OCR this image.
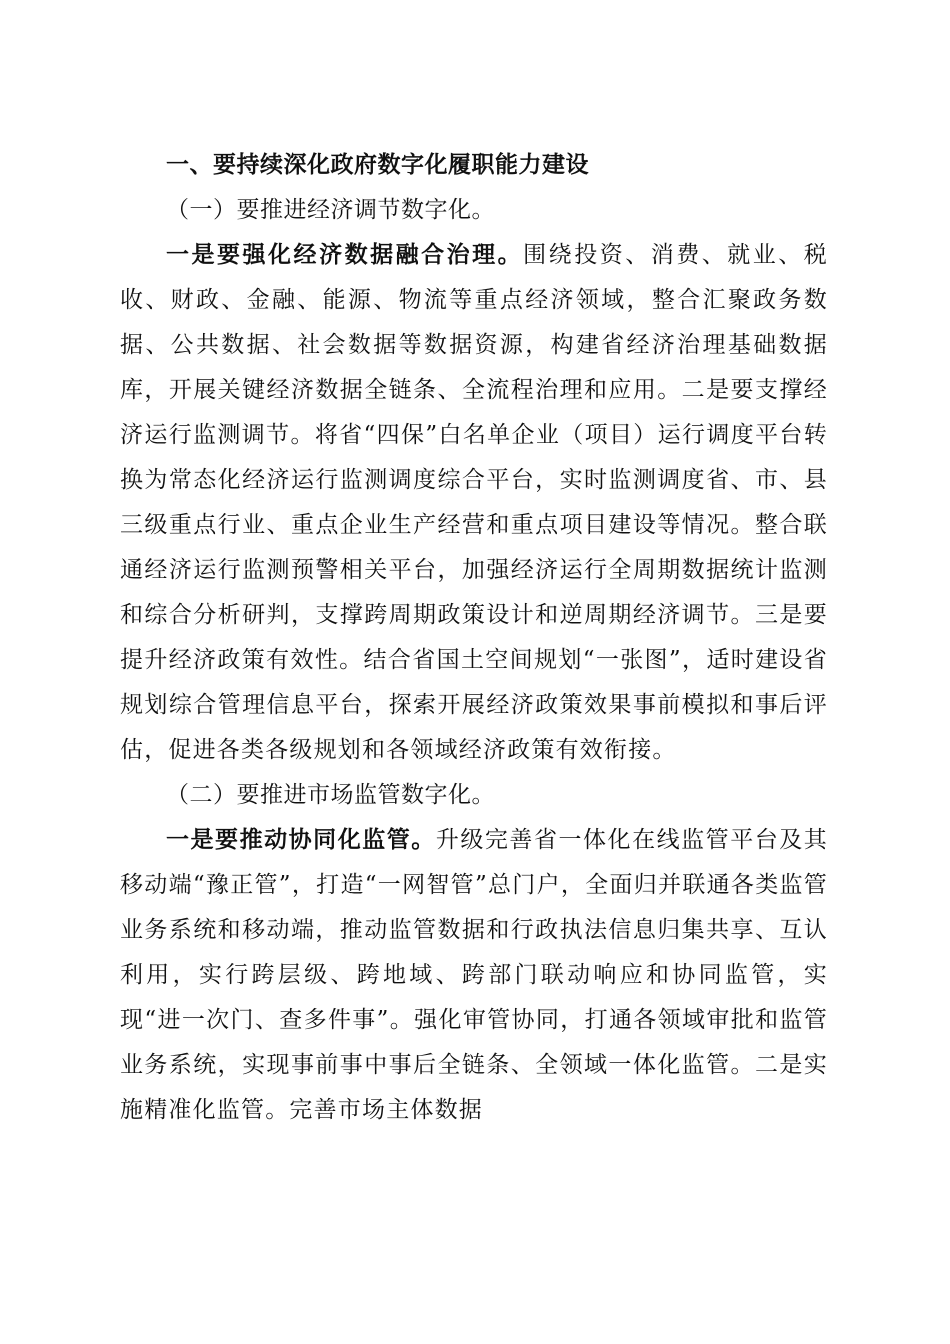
一、要持续深化政府数字化履职能力建设

（一）要推进经济调节数字化。

一是要强化经济数据融合治理。围绕投资、消费、就业、税收、财政、金融、能源、物流等重点经济领域，整合汇聚政务数据、公共数据、社会数据等数据资源，构建省经济治理基础数据库，开展关键经济数据全链条、全流程治理和应用。二是要支撑经济运行监测调节。将省“四保”白名单企业（项目）运行调度平台转换为常态化经济运行监测调度综合平台，实时监测调度省、市、县三级重点行业、重点企业生产经营和重点项目建设等情况。整合联通经济运行监测预警相关平台，加强经济运行全周期数据统计监测和综合分析研判，支撑跨周期政策设计和逆周期经济调节。三是要提升经济政策有效性。结合省国土空间规划“一张图”，适时建设省规划综合管理信息平台，探索开展经济政策效果事前模拟和事后评估，促进各类各级规划和各领域经济政策有效衔接。

（二）要推进市场监管数字化。

一是要推动协同化监管。升级完善省一体化在线监管平台及其移动端“豫正管”，打造“一网智管”总门户，全面归并联通各类监管业务系统和移动端，推动监管数据和行政执法信息归集共享、互认利用，实行跨层级、跨地域、跨部门联动响应和协同监管，实现“进一次门、查多件事”。强化审管协同，打通各领域审批和监管业务系统，实现事前事中事后全链条、全领域一体化监管。二是实施精准化监管。完善市场主体数据
